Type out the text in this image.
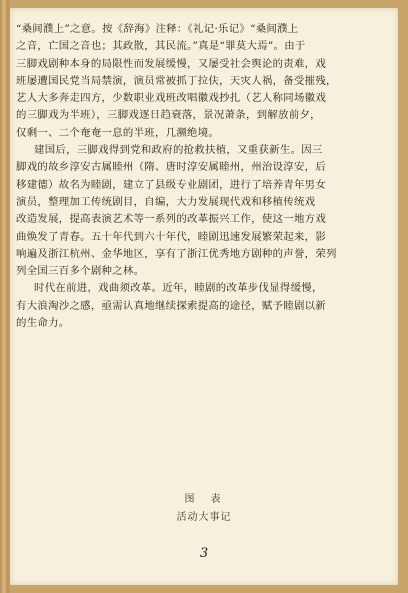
“桑间濮上”之意。按《辞海》注释：《礼记·乐记》“桑间濮上
之音，亡国之音也；其政散，其民流。”真是“罪莫大焉”。由于
三脚戏剧种本身的局限性而发展缓慢，又屡受社会舆论的责难，戏
班屡遭国民党当局禁演，演员常被抓丁拉伕，天灾人祸，备受摧残，
艺人大多奔走四方，少数职业戏班改唱徽戏抄扎（艺人称同场徽戏
的三脚戏为半班），三脚戏逐日趋衰落，景况萧条，到解放前夕，
仅剩一、二个奄奄一息的半班，几濒绝境。
建国后，三脚戏得到党和政府的抢救扶植，又重获新生。因三
脚戏的故乡淳安古属睦州（隋、唐时淳安属睦州，州治设淳安，后
移建德）故名为睦剧，建立了县级专业剧团，进行了培养青年男女
演员，整理加工传统剧目，自编，大力发展现代戏和移植传统戏
改造发展，提高表演艺术等一系列的改革振兴工作，使这一地方戏
曲焕发了青春。五十年代到六十年代，睦剧迅速发展繁荣起来，影
响遍及浙江杭州、金华地区，享有了浙江优秀地方剧种的声誉，荣列
列全国三百多个剧种之林。
时代在前进，戏曲须改革。近年，睦剧的改革步伐显得缓慢，
有大浪淘沙之感，亟需认真地继续探索提高的途径，赋予睦剧以新
的生命力。
图　表
活动大事记
3
